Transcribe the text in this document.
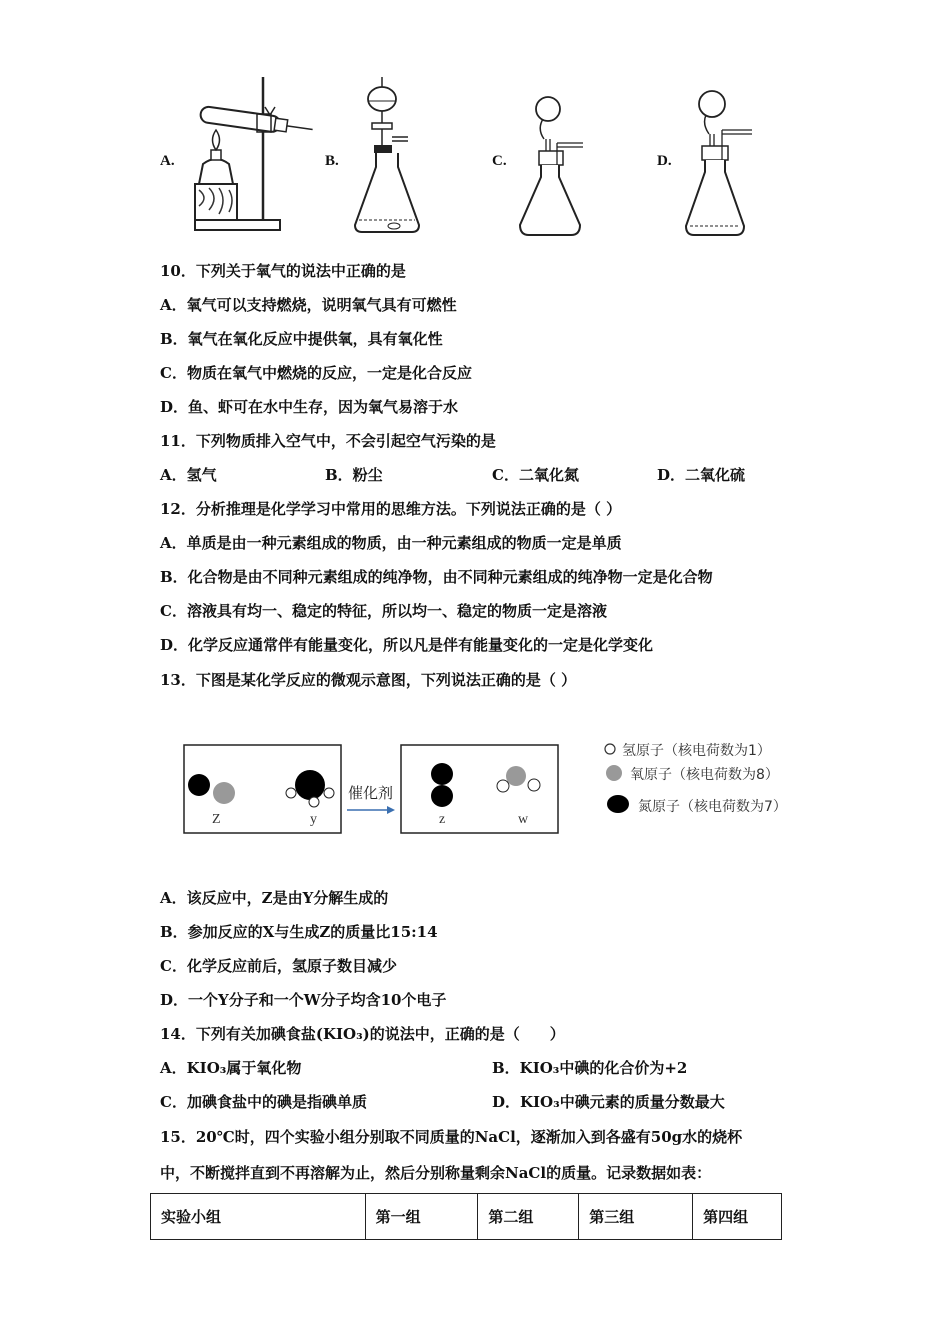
A.	B.	C.	D.
10．下列关于氧气的说法中正确的是
A．氧气可以支持燃烧，说明氧气具有可燃性
B．氧气在氧化反应中提供氧，具有氧化性
C．物质在氧气中燃烧的反应，一定是化合反应
D．鱼、虾可在水中生存，因为氧气易溶于水
11．下列物质排入空气中，不会引起空气污染的是
A．氢气	B．粉尘	C．二氧化氮	D．二氧化硫
12．分析推理是化学学习中常用的思维方法。下列说法正确的是（ ）
A．单质是由一种元素组成的物质，由一种元素组成的物质一定是单质
B．化合物是由不同种元素组成的纯净物，由不同种元素组成的纯净物一定是化合物
C．溶液具有均一、稳定的特征，所以均一、稳定的物质一定是溶液
D．化学反应通常伴有能量变化，所以凡是伴有能量变化的一定是化学变化
13．下图是某化学反应的微观示意图，下列说法正确的是（ ）
催化剂
Z	y	z	w
氢原子（核电荷数为1）
氧原子（核电荷数为8）
氮原子（核电荷数为7）
A．该反应中，Z是由Y分解生成的
B．参加反应的X与生成Z的质量比15:14
C．化学反应前后，氢原子数目减少
D．一个Y分子和一个W分子均含10个电子
14．下列有关加碘食盐(KIO₃)的说法中，正确的是（　　）
A．KIO₃属于氧化物	B．KIO₃中碘的化合价为+2
C．加碘食盐中的碘是指碘单质	D．KIO₃中碘元素的质量分数最大
15．20℃时，四个实验小组分别取不同质量的NaCl，逐渐加入到各盛有50g水的烧杯
中，不断搅拌直到不再溶解为止，然后分别称量剩余NaCl的质量。记录数据如表：
实验小组	第一组	第二组	第三组	第四组
